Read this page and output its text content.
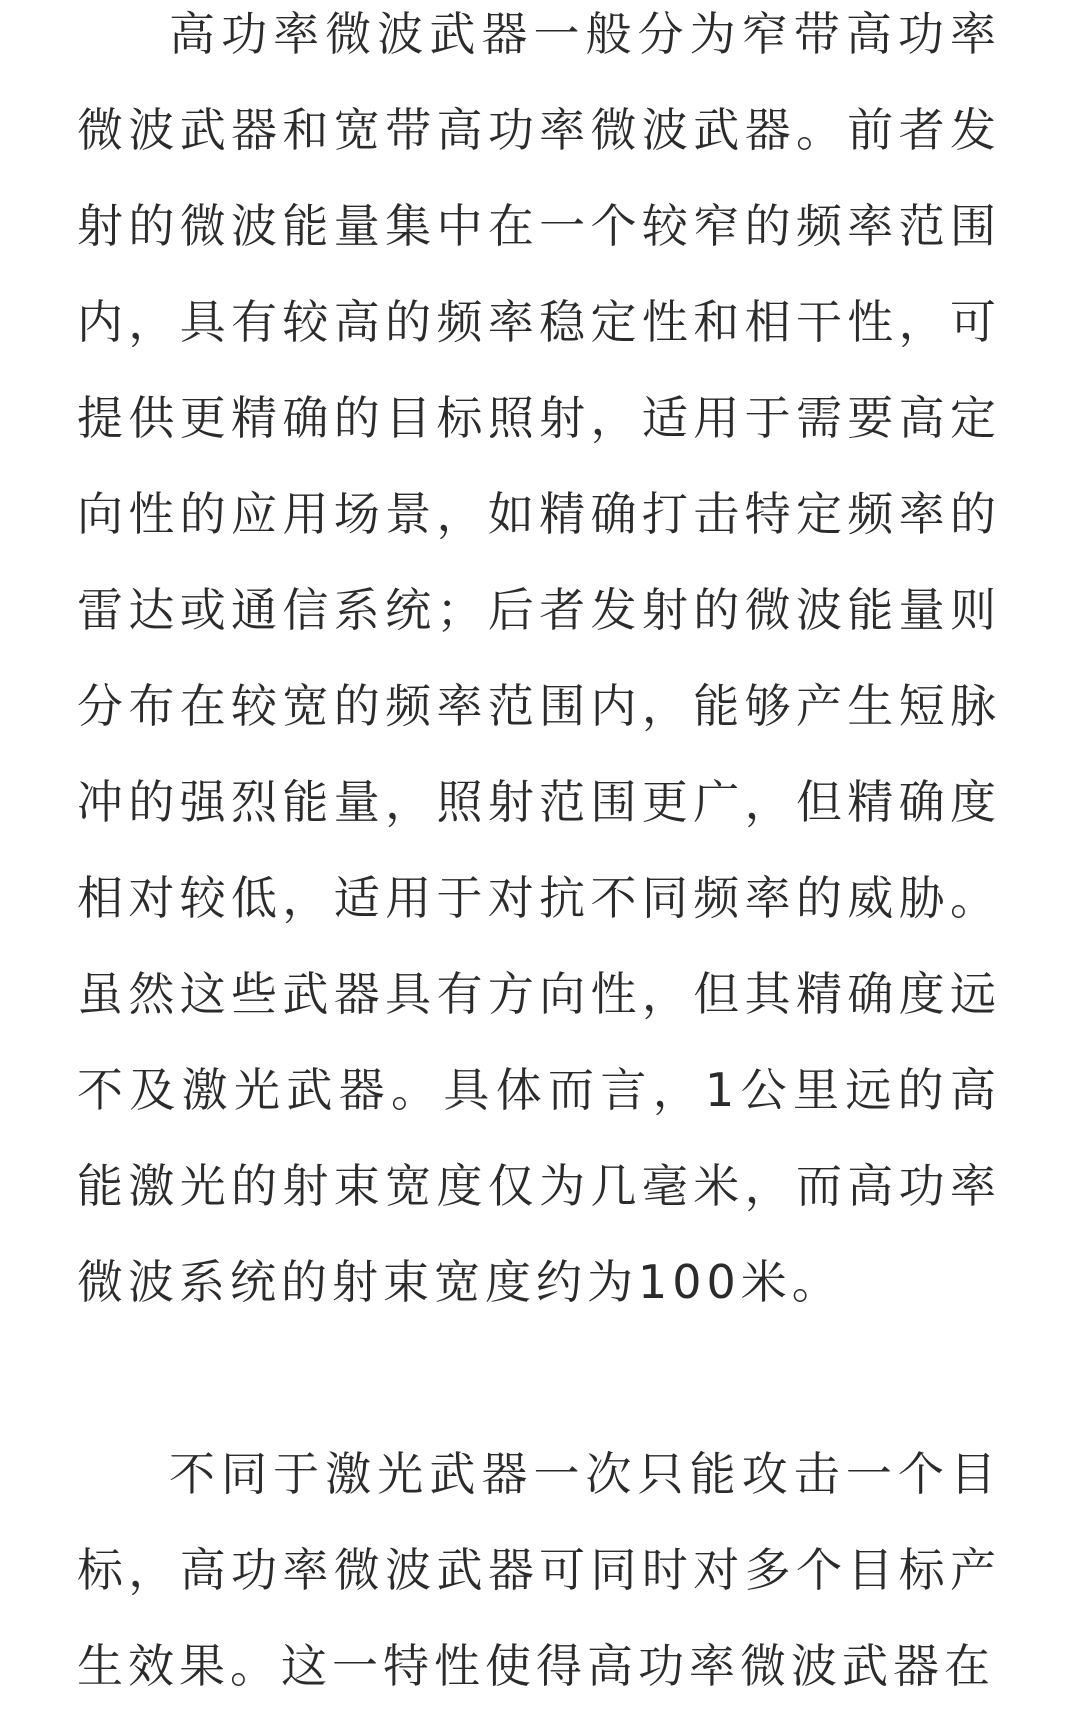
高功率微波武器一般分为窄带高功率微波武器和宽带高功率微波武器。前者发射的微波能量集中在一个较窄的频率范围内，具有较高的频率稳定性和相干性，可提供更精确的目标照射，适用于需要高定向性的应用场景，如精确打击特定频率的雷达或通信系统；后者发射的微波能量则分布在较宽的频率范围内，能够产生短脉冲的强烈能量，照射范围更广，但精确度相对较低，适用于对抗不同频率的威胁。虽然这些武器具有方向性，但其精确度远不及激光武器。具体而言，1公里远的高能激光的射束宽度仅为几毫米，而高功率微波系统的射束宽度约为100米。

不同于激光武器一次只能攻击一个目标，高功率微波武器可同时对多个目标产生效果。这一特性使得高功率微波武器在
